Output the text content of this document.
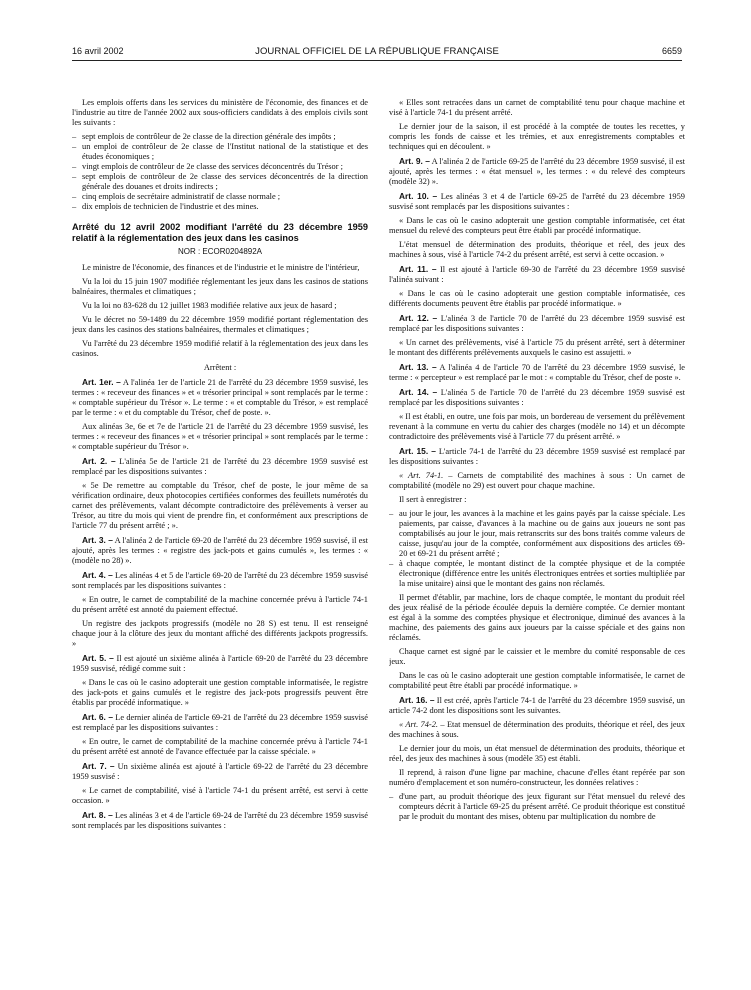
16 avril 2002	JOURNAL OFFICIEL DE LA RÉPUBLIQUE FRANÇAISE	6659

Les emplois offerts dans les services du ministère de l'économie, des finances et de l'industrie au titre de l'année 2002 aux sous-officiers candidats à des emplois civils sont les suivants :

– sept emplois de contrôleur de 2e classe de la direction générale des impôts ;
– un emploi de contrôleur de 2e classe de l'Institut national de la statistique et des études économiques ;
– vingt emplois de contrôleur de 2e classe des services déconcentrés du Trésor ;
– sept emplois de contrôleur de 2e classe des services déconcentrés de la direction générale des douanes et droits indirects ;
– cinq emplois de secrétaire administratif de classe normale ;
– dix emplois de technicien de l'industrie et des mines.
Arrêté du 12 avril 2002 modifiant l'arrêté du 23 décembre 1959 relatif à la réglementation des jeux dans les casinos
NOR : ECOR0204892A

Le ministre de l'économie, des finances et de l'industrie et le ministre de l'intérieur,

Vu la loi du 15 juin 1907 modifiée réglementant les jeux dans les casinos de stations balnéaires, thermales et climatiques ;

Vu la loi no 83-628 du 12 juillet 1983 modifiée relative aux jeux de hasard ;

Vu le décret no 59-1489 du 22 décembre 1959 modifié portant réglementation des jeux dans les casinos des stations balnéaires, thermales et climatiques ;

Vu l'arrêté du 23 décembre 1959 modifié relatif à la réglementation des jeux dans les casinos.

Arrêtent :

Art. 1er. – A l'alinéa 1er de l'article 21 de l'arrêté du 23 décembre 1959 susvisé, les termes : « receveur des finances » et « trésorier principal » sont remplacés par le terme : « comptable supérieur du Trésor ». Le terme : « et comptable du Trésor, » est remplacé par le terme : « et du comptable du Trésor, chef de poste. ».

Aux alinéas 3e, 6e et 7e de l'article 21 de l'arrêté du 23 décembre 1959 susvisé, les termes : « receveur des finances » et « trésorier principal » sont remplacés par le terme : « comptable supérieur du Trésor ».

Art. 2. – L'alinéa 5e de l'article 21 de l'arrêté du 23 décembre 1959 susvisé est remplacé par les dispositions suivantes :

« 5e De remettre au comptable du Trésor, chef de poste, le jour même de sa vérification ordinaire, deux photocopies certifiées conformes des feuillets numérotés du carnet des prélèvements, valant décompte contradictoire des prélèvements à verser au Trésor, au titre du mois qui vient de prendre fin, et conformément aux prescriptions de l'article 77 du présent arrêté ; ».

Art. 3. – A l'alinéa 2 de l'article 69-20 de l'arrêté du 23 décembre 1959 susvisé, il est ajouté, après les termes : « registre des jack-pots et gains cumulés », les termes : « (modèle no 28) ».

Art. 4. – Les alinéas 4 et 5 de l'article 69-20 de l'arrêté du 23 décembre 1959 susvisé sont remplacés par les dispositions suivantes :

« En outre, le carnet de comptabilité de la machine concernée prévu à l'article 74-1 du présent arrêté est annoté du paiement effectué.

Un registre des jackpots progressifs (modèle no 28 S) est tenu. Il est renseigné chaque jour à la clôture des jeux du montant affiché des différents jackpots progressifs. »

Art. 5. – Il est ajouté un sixième alinéa à l'article 69-20 de l'arrêté du 23 décembre 1959 susvisé, rédigé comme suit :

« Dans le cas où le casino adopterait une gestion comptable informatisée, le registre des jack-pots et gains cumulés et le registre des jack-pots progressifs peuvent être établis par procédé informatique. »

Art. 6. – Le dernier alinéa de l'article 69-21 de l'arrêté du 23 décembre 1959 susvisé est remplacé par les dispositions suivantes :

« En outre, le carnet de comptabilité de la machine concernée prévu à l'article 74-1 du présent arrêté est annoté de l'avance effectuée par la caisse spéciale. »

Art. 7. – Un sixième alinéa est ajouté à l'article 69-22 de l'arrêté du 23 décembre 1959 susvisé :

« Le carnet de comptabilité, visé à l'article 74-1 du présent arrêté, est servi à cette occasion. »

Art. 8. – Les alinéas 3 et 4 de l'article 69-24 de l'arrêté du 23 décembre 1959 susvisé sont remplacés par les dispositions suivantes :

« Elles sont retracées dans un carnet de comptabilité tenu pour chaque machine et visé à l'article 74-1 du présent arrêté.

Le dernier jour de la saison, il est procédé à la comptée de toutes les recettes, y compris les fonds de caisse et les trémies, et aux enregistrements comptables et techniques qui en découlent. »

Art. 9. – A l'alinéa 2 de l'article 69-25 de l'arrêté du 23 décembre 1959 susvisé, il est ajouté, après les termes : « état mensuel », les termes : « du relevé des compteurs (modèle 32) ».

Art. 10. – Les alinéas 3 et 4 de l'article 69-25 de l'arrêté du 23 décembre 1959 susvisé sont remplacés par les dispositions suivantes :

« Dans le cas où le casino adopterait une gestion comptable informatisée, cet état mensuel du relevé des compteurs peut être établi par procédé informatique.

L'état mensuel de détermination des produits, théorique et réel, des jeux des machines à sous, visé à l'article 74-2 du présent arrêté, est servi à cette occasion. »

Art. 11. – Il est ajouté à l'article 69-30 de l'arrêté du 23 décembre 1959 susvisé l'alinéa suivant :

« Dans le cas où le casino adopterait une gestion comptable informatisée, ces différents documents peuvent être établis par procédé informatique. »

Art. 12. – L'alinéa 3 de l'article 70 de l'arrêté du 23 décembre 1959 susvisé est remplacé par les dispositions suivantes :

« Un carnet des prélèvements, visé à l'article 75 du présent arrêté, sert à déterminer le montant des différents prélèvements auxquels le casino est assujetti. »

Art. 13. – A l'alinéa 4 de l'article 70 de l'arrêté du 23 décembre 1959 susvisé, le terme : « percepteur » est remplacé par le mot : « comptable du Trésor, chef de poste ».

Art. 14. – L'alinéa 5 de l'article 70 de l'arrêté du 23 décembre 1959 susvisé est remplacé par les dispositions suivantes :

« Il est établi, en outre, une fois par mois, un bordereau de versement du prélèvement revenant à la commune en vertu du cahier des charges (modèle no 14) et un décompte contradictoire des prélèvements visé à l'article 77 du présent arrêté. »

Art. 15. – L'article 74-1 de l'arrêté du 23 décembre 1959 susvisé est remplacé par les dispositions suivantes :

« Art. 74-1. – Carnets de comptabilité des machines à sous : Un carnet de comptabilité (modèle no 29) est ouvert pour chaque machine.

Il sert à enregistrer :

– au jour le jour, les avances à la machine et les gains payés par la caisse spéciale. Les paiements, par caisse, d'avances à la machine ou de gains aux joueurs ne sont pas comptabilisés au jour le jour, mais retranscrits sur des bons traités comme valeurs de caisse, jusqu'au jour de la comptée, conformément aux dispositions des articles 69-20 et 69-21 du présent arrêté ;
– à chaque comptée, le montant distinct de la comptée physique et de la comptée électronique (différence entre les unités électroniques entrées et sorties multipliée par la mise unitaire) ainsi que le montant des gains non réclamés.

Il permet d'établir, par machine, lors de chaque comptée, le montant du produit réel des jeux réalisé de la période écoulée depuis la dernière comptée. Ce dernier montant est égal à la somme des comptées physique et électronique, diminué des avances à la machine, des paiements des gains aux joueurs par la caisse spéciale et des gains non réclamés.

Chaque carnet est signé par le caissier et le membre du comité responsable de ces jeux.

Dans le cas où le casino adopterait une gestion comptable informatisée, le carnet de comptabilité peut être établi par procédé informatique. »

Art. 16. – Il est créé, après l'article 74-1 de l'arrêté du 23 décembre 1959 susvisé, un article 74-2 dont les dispositions sont les suivantes.

« Art. 74-2. – Etat mensuel de détermination des produits, théorique et réel, des jeux des machines à sous.

Le dernier jour du mois, un état mensuel de détermination des produits, théorique et réel, des jeux des machines à sous (modèle 35) est établi.

Il reprend, à raison d'une ligne par machine, chacune d'elles étant repérée par son numéro d'emplacement et son numéro-constructeur, les données relatives :

– d'une part, au produit théorique des jeux figurant sur l'état mensuel du relevé des compteurs décrit à l'article 69-25 du présent arrêté. Ce produit théorique est constitué par le produit du montant des mises, obtenu par multiplication du nombre de
